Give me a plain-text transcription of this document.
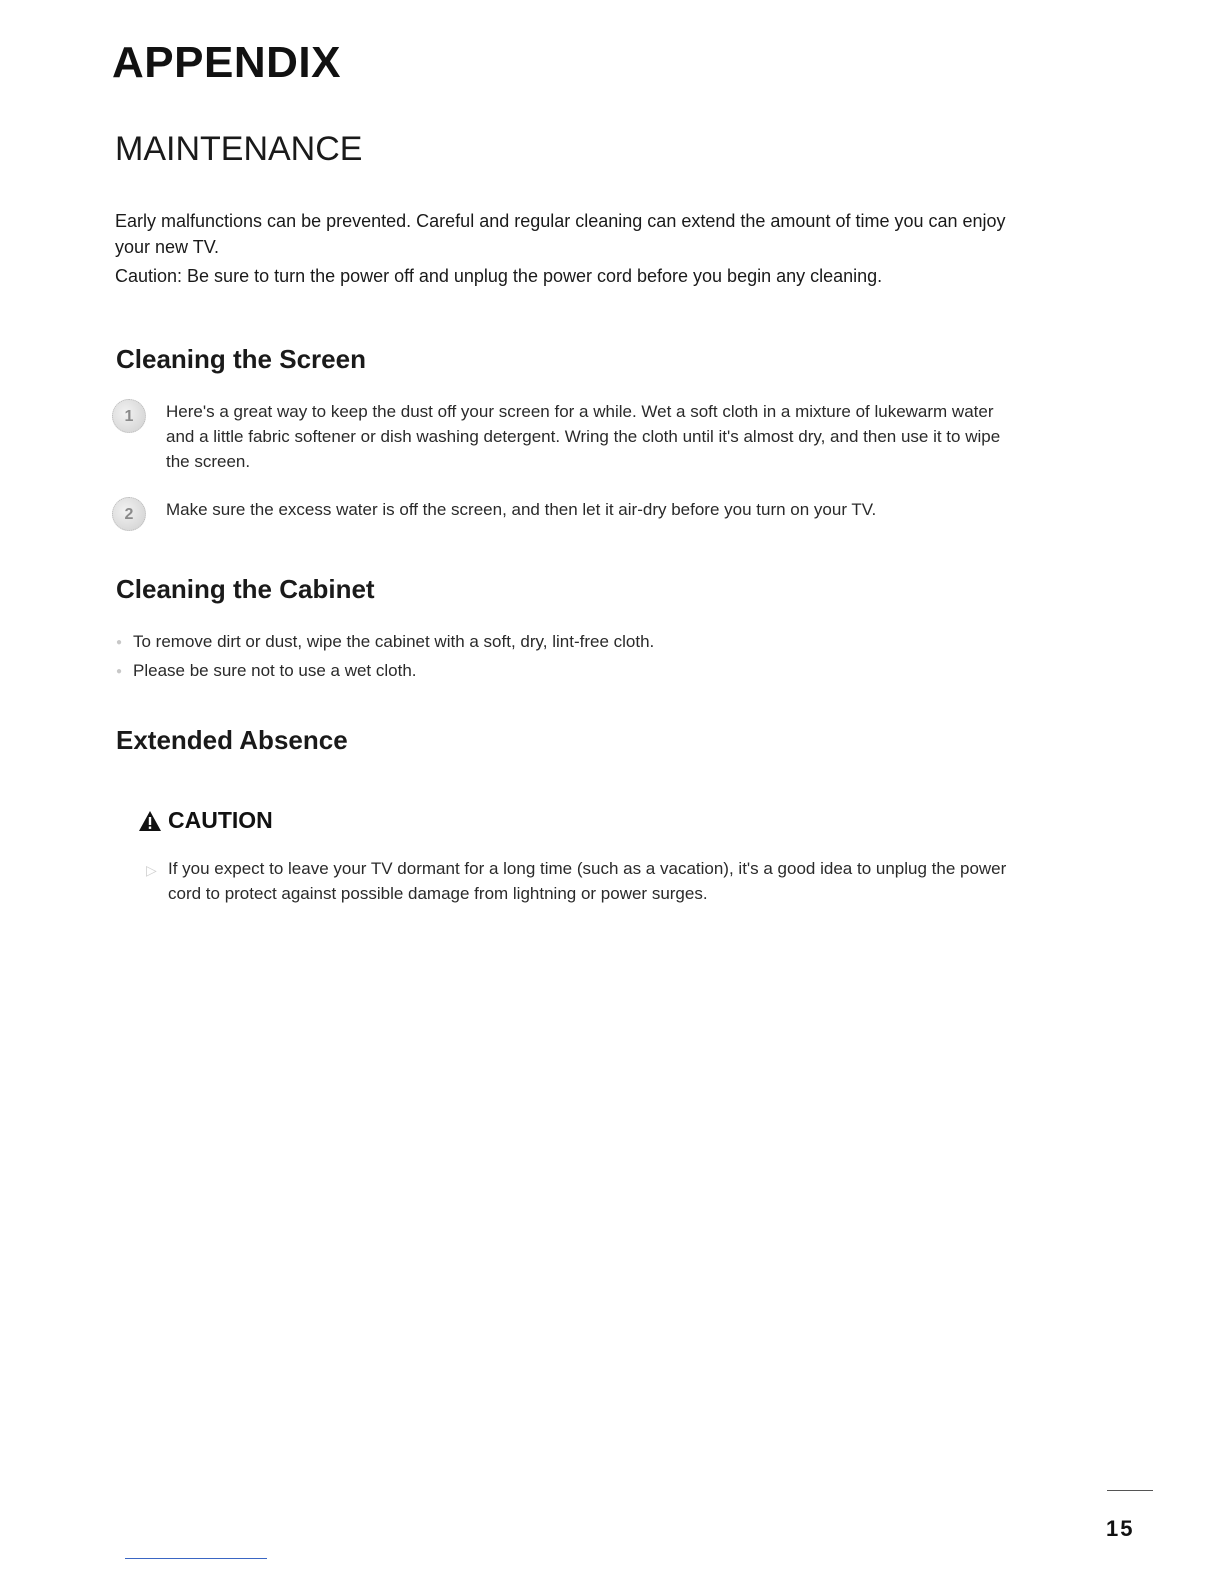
APPENDIX
MAINTENANCE

Early malfunctions can be prevented. Careful and regular cleaning can extend the amount of time you can enjoy your new TV.

Caution: Be sure to turn the power off and unplug the power cord before you begin any cleaning.

Cleaning the Screen
1	Here's a great way to keep the dust off your screen for a while. Wet a soft cloth in a mixture of lukewarm water and a little fabric softener or dish washing detergent. Wring the cloth until it's almost dry, and then use it to wipe the screen.
2	Make sure the excess water is off the screen, and then let it air-dry before you turn on your TV.
Cleaning the Cabinet
● To remove dirt or dust, wipe the cabinet with a soft, dry, lint-free cloth.
● Please be sure not to use a wet cloth.
Extended Absence
CAUTION
▷ If you expect to leave your TV dormant for a long time (such as a vacation), it's a good idea to unplug the power cord to protect against possible damage from lightning or power surges.
15
